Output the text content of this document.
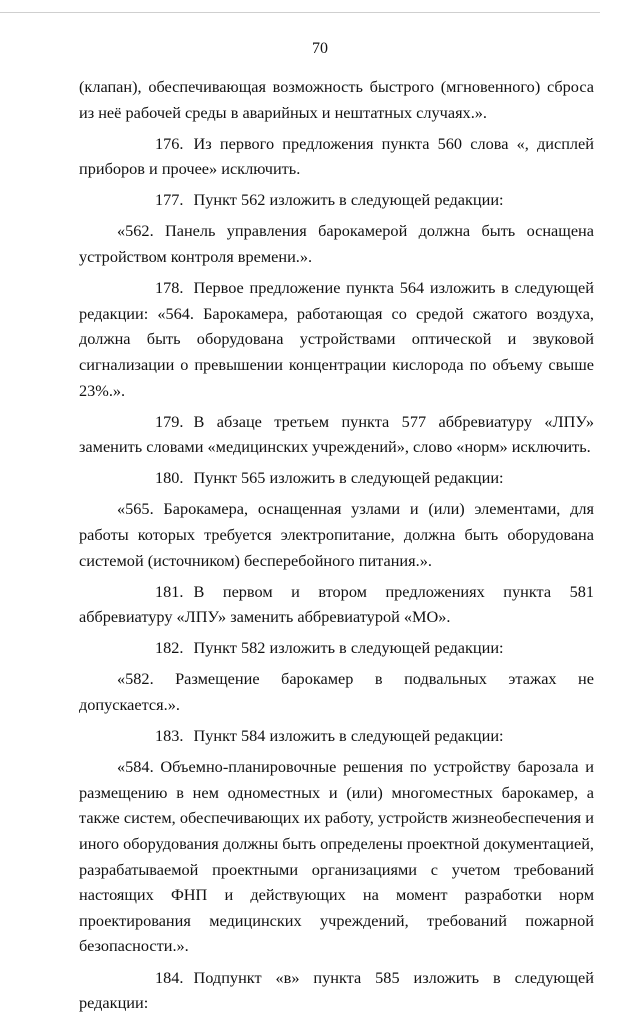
70

(клапан), обеспечивающая возможность быстрого (мгновенного) сброса из неё рабочей среды в аварийных и нештатных случаях.».

176. Из первого предложения пункта 560 слова «, дисплей приборов и прочее» исключить.

177. Пункт 562 изложить в следующей редакции:

«562. Панель управления барокамерой должна быть оснащена устройством контроля времени.».

178. Первое предложение пункта 564 изложить в следующей редакции: «564. Барокамера, работающая со средой сжатого воздуха, должна быть оборудована устройствами оптической и звуковой сигнализации о превышении концентрации кислорода по объему свыше 23%.».

179. В абзаце третьем пункта 577 аббревиатуру «ЛПУ» заменить словами «медицинских учреждений», слово «норм» исключить.

180. Пункт 565 изложить в следующей редакции:

«565. Барокамера, оснащенная узлами и (или) элементами, для работы которых требуется электропитание, должна быть оборудована системой (источником) бесперебойного питания.».

181. В первом и втором предложениях пункта 581 аббревиатуру «ЛПУ» заменить аббревиатурой «МО».

182. Пункт 582 изложить в следующей редакции:

«582. Размещение барокамер в подвальных этажах не допускается.».

183. Пункт 584 изложить в следующей редакции:

«584. Объемно-планировочные решения по устройству барозала и размещению в нем одноместных и (или) многоместных барокамер, а также систем, обеспечивающих их работу, устройств жизнеобеспечения и иного оборудования должны быть определены проектной документацией, разрабатываемой проектными организациями с учетом требований настоящих ФНП и действующих на момент разработки норм проектирования медицинских учреждений, требований пожарной безопасности.».

184. Подпункт «в» пункта 585 изложить в следующей редакции:
